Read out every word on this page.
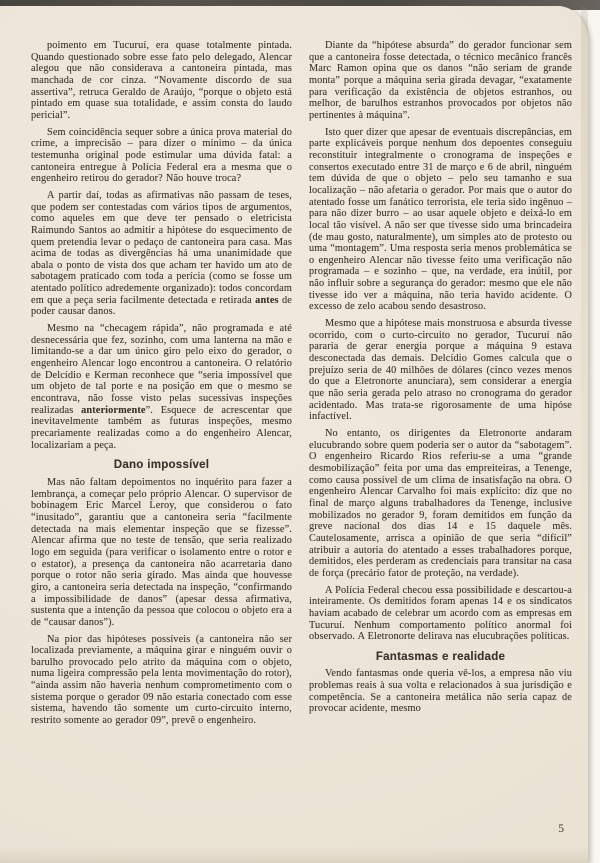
poimento em Tucuruí, era quase totalmente pintada. Quando questionado sobre esse fato pelo delegado, Alencar alegou que não considerava a cantoneira pintada, mas manchada de cor cinza. “Novamente discordo de sua assertiva”, retruca Geraldo de Araújo, “porque o objeto está pintado em quase sua totalidade, e assim consta do laudo pericial”.

Sem coincidência sequer sobre a única prova material do crime, a imprecisão – para dizer o mínimo – da única testemunha original pode estimular uma dúvida fatal: a cantoneira entregue à Polícia Federal era a mesma que o engenheiro retirou do gerador? Não houve troca?

A partir daí, todas as afirmativas não passam de teses, que podem ser contestadas com vários tipos de argumentos, como aqueles em que deve ter pensado o eletricista Raimundo Santos ao admitir a hipótese do esquecimento de quem pretendia levar o pedaço de cantoneira para casa. Mas acima de todas as divergências há uma unanimidade que abala o ponto de vista dos que acham ter havido um ato de sabotagem praticado com toda a perícia (como se fosse um atentado político adredemente organizado): todos concordam em que a peça seria facilmente detectada e retirada antes de poder causar danos.

Mesmo na “checagem rápida”, não programada e até desnecessária que fez, sozinho, com uma lanterna na mão e limitando-se a dar um único giro pelo eixo do gerador, o engenheiro Alencar logo encontrou a cantoneira. O relatório de Delcídio e Kerman reconhece que “seria impossível que um objeto de tal porte e na posição em que o mesmo se encontrava, não fosse visto pelas sucessivas inspeções realizadas anteriormente”. Esquece de acrescentar que inevitavelmente também as futuras inspeções, mesmo precariamente realizadas como a do engenheiro Alencar, localizariam a peça.

Dano impossível

Mas não faltam depoimentos no inquérito para fazer a lembrança, a começar pelo próprio Alencar. O supervisor de bobinagem Eric Marcel Leroy, que considerou o fato “inusitado”, garantiu que a cantoneira seria “facilmente detectada na mais elementar inspeção que se fizesse”. Alencar afirma que no teste de tensão, que seria realizado logo em seguida (para verificar o isolamento entre o rotor e o estator), a presença da cantoneira não acarretaria dano porque o rotor não seria girado. Mas ainda que houvesse giro, a cantoneira seria detectada na inspeção, “confirmando a impossibilidade de danos” (apesar dessa afirmativa, sustenta que a intenção da pessoa que colocou o objeto era a de “causar danos”).

Na pior das hipóteses possíveis (a cantoneira não ser localizada previamente, a máquina girar e ninguém ouvir o barulho provocado pelo atrito da máquina com o objeto, numa ligeira compressão pela lenta movimentação do rotor), “ainda assim não haveria nenhum comprometimento com o sistema porque o gerador 09 não estaria conectado com esse sistema, havendo tão somente um curto-circuito interno, restrito somente ao gerador 09”, prevê o engenheiro.

Diante da “hipótese absurda” do gerador funcionar sem que a cantoneira fosse detectada, o técnico mecânico francês Marc Ramon opina que os danos “não seriam de grande monta” porque a máquina seria girada devagar, “exatamente para verificação da existência de objetos estranhos, ou melhor, de barulhos estranhos provocados por objetos não pertinentes à máquina”.

Isto quer dizer que apesar de eventuais discrepâncias, em parte explicáveis porque nenhum dos depoentes conseguiu reconstituir integralmente o cronograma de inspeções e consertos executado entre 31 de março e 6 de abril, ninguém tem dúvida de que o objeto – pelo seu tamanho e sua localização – não afetaria o gerador. Por mais que o autor do atentado fosse um fanático terrorista, ele teria sido ingênuo – para não dizer burro – ao usar aquele objeto e deixá-lo em local tão visível. A não ser que tivesse sido uma brincadeira (de mau gosto, naturalmente), um simples ato de protesto ou uma “montagem”. Uma resposta seria menos problemática se o engenheiro Alencar não tivesse feito uma verificação não programada – e sozinho – que, na verdade, era inútil, por não influir sobre a segurança do gerador: mesmo que ele não tivesse ido ver a máquina, não teria havido acidente. O excesso de zelo acabou sendo desastroso.

Mesmo que a hipótese mais monstruosa e absurda tivesse ocorrido, com o curto-circuito no gerador, Tucuruí não pararia de gerar energia porque a máquina 9 estava desconectada das demais. Delcídio Gomes calcula que o prejuízo seria de 40 milhões de dólares (cinco vezes menos do que a Eletronorte anunciara), sem considerar a energia que não seria gerada pelo atraso no cronograma do gerador acidentado. Mas trata-se rigorosamente de uma hipóse infactível.

No entanto, os dirigentes da Eletronorte andaram elucubrando sobre quem poderia ser o autor da “sabotagem”. O engenheiro Ricardo Rios referiu-se a uma “grande desmobilização” feita por uma das empreiteiras, a Tenenge, como causa possível de um clima de insatisfação na obra. O engenheiro Alencar Carvalho foi mais explícito: diz que no final de março alguns trabalhadores da Tenenge, inclusive mobilizados no gerador 9, foram demitidos em função da greve nacional dos dias 14 e 15 daquele mês. Cautelosamente, arrisca a opinião de que seria “difícil” atribuir a autoria do atentado a esses trabalhadores porque, demitidos, eles perderam as credenciais para transitar na casa de força (precário fator de proteção, na verdade).

A Polícia Federal checou essa possibilidade e descartou-a inteiramente. Os demitidos foram apenas 14 e os sindicatos haviam acabado de celebrar um acordo com as empresas em Tucuruí. Nenhum comportamento político anormal foi observado. A Eletronorte delirava nas elucubrações políticas.

Fantasmas e realidade

Vendo fantasmas onde queria vê-los, a empresa não viu problemas reais à sua volta e relacionados à sua jurisdição e competência. Se a cantoneira metálica não seria capaz de provocar acidente, mesmo

5
